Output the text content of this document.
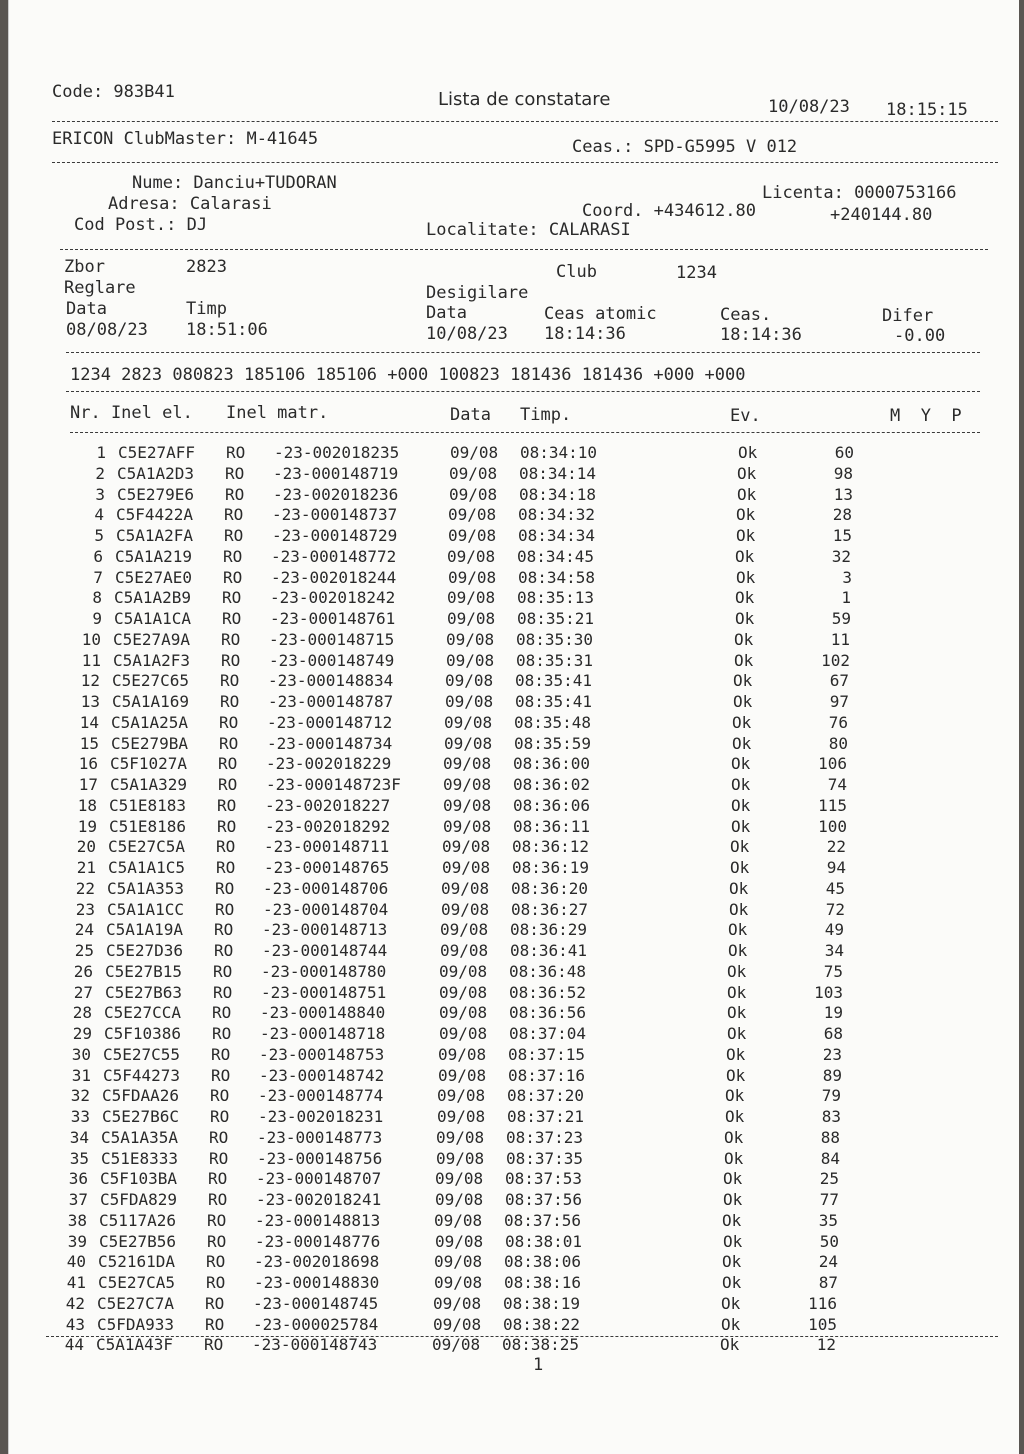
Code: 983B41	Lista de constatare	10/08/23 18:15:15
ERICON ClubMaster: M-41645	Ceas.: SPD-G5995 V 012
Nume: Danciu+TUDORAN
Adresa: Calarasi
Cod Post.: DJ
Licenta: 0000753166
Coord. +434612.80	+240144.80
Localitate: CALARASI
Zbor	2823	Club	1234
Reglare	Desigilare
Data	Timp	Data	Ceas atomic	Ceas.	Difer
08/08/23 18:51:06	10/08/23 18:14:36	18:14:36	-0.00
1234 2823 080823 185106 185106 +000 100823 181436 181436 +000 +000
Nr. Inel el. Inel matr.	Data Timp.	Ev.	M  Y  P
1 C5E27AFF RO -23-002018235	09/08 08:34:10	Ok	60
2 C5A1A2D3 RO -23-000148719	09/08 08:34:14	Ok	98
3 C5E279E6 RO -23-002018236	09/08 08:34:18	Ok	13
4 C5F4422A RO -23-000148737	09/08 08:34:32	Ok	28
5 C5A1A2FA RO -23-000148729	09/08 08:34:34	Ok	15
6 C5A1A219 RO -23-000148772	09/08 08:34:45	Ok	32
7 C5E27AE0 RO -23-002018244	09/08 08:34:58	Ok	3
8 C5A1A2B9 RO -23-002018242	09/08 08:35:13	Ok	1
9 C5A1A1CA RO -23-000148761	09/08 08:35:21	Ok	59
10 C5E27A9A RO -23-000148715	09/08 08:35:30	Ok	11
11 C5A1A2F3 RO -23-000148749	09/08 08:35:31	Ok	102
12 C5E27C65 RO -23-000148834	09/08 08:35:41	Ok	67
13 C5A1A169 RO -23-000148787	09/08 08:35:41	Ok	97
14 C5A1A25A RO -23-000148712	09/08 08:35:48	Ok	76
15 C5E279BA RO -23-000148734	09/08 08:35:59	Ok	80
16 C5F1027A RO -23-002018229	09/08 08:36:00	Ok	106
17 C5A1A329 RO -23-000148723F	09/08 08:36:02	Ok	74
18 C51E8183 RO -23-002018227	09/08 08:36:06	Ok	115
19 C51E8186 RO -23-002018292	09/08 08:36:11	Ok	100
20 C5E27C5A RO -23-000148711	09/08 08:36:12	Ok	22
21 C5A1A1C5 RO -23-000148765	09/08 08:36:19	Ok	94
22 C5A1A353 RO -23-000148706	09/08 08:36:20	Ok	45
23 C5A1A1CC RO -23-000148704	09/08 08:36:27	Ok	72
24 C5A1A19A RO -23-000148713	09/08 08:36:29	Ok	49
25 C5E27D36 RO -23-000148744	09/08 08:36:41	Ok	34
26 C5E27B15 RO -23-000148780	09/08 08:36:48	Ok	75
27 C5E27B63 RO -23-000148751	09/08 08:36:52	Ok	103
28 C5E27CCA RO -23-000148840	09/08 08:36:56	Ok	19
29 C5F10386 RO -23-000148718	09/08 08:37:04	Ok	68
30 C5E27C55 RO -23-000148753	09/08 08:37:15	Ok	23
31 C5F44273 RO -23-000148742	09/08 08:37:16	Ok	89
32 C5FDAA26 RO -23-000148774	09/08 08:37:20	Ok	79
33 C5E27B6C RO -23-002018231	09/08 08:37:21	Ok	83
34 C5A1A35A RO -23-000148773	09/08 08:37:23	Ok	88
35 C51E8333 RO -23-000148756	09/08 08:37:35	Ok	84
36 C5F103BA RO -23-000148707	09/08 08:37:53	Ok	25
37 C5FDA829 RO -23-002018241	09/08 08:37:56	Ok	77
38 C5117A26 RO -23-000148813	09/08 08:37:56	Ok	35
39 C5E27B56 RO -23-000148776	09/08 08:38:01	Ok	50
40 C52161DA RO -23-002018698	09/08 08:38:06	Ok	24
41 C5E27CA5 RO -23-000148830	09/08 08:38:16	Ok	87
42 C5E27C7A RO -23-000148745	09/08 08:38:19	Ok	116
43 C5FDA933 RO -23-000025784	09/08 08:38:22	Ok	105
44 C5A1A43F RO -23-000148743	09/08 08:38:25	Ok	12
1
